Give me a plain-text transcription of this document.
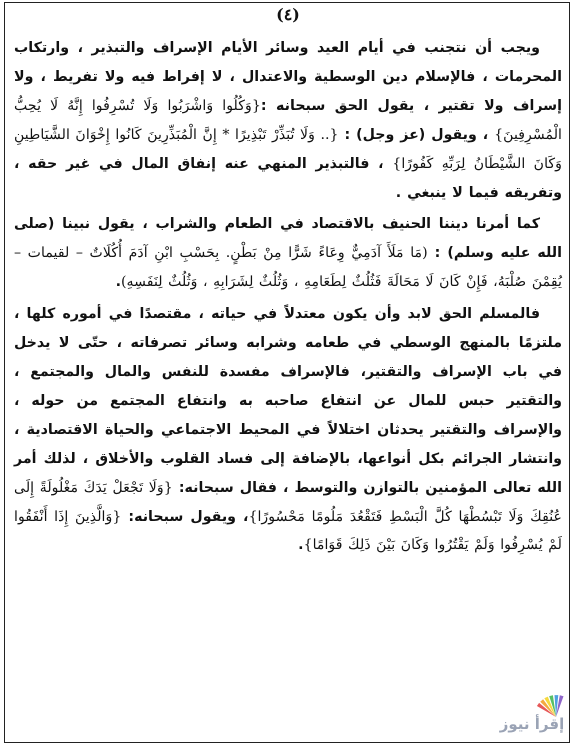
(٤)

ويجب أن نتجنب في أيام العيد وسائر الأيام الإسراف والتبذير ، وارتكاب المحرمات ، فالإسلام دين الوسطية والاعتدال ، لا إفراط فيه ولا تفريط ، ولا إسراف ولا تقتير ، يقول الحق سبحانه :{وَكُلُوا وَاشْرَبُوا وَلَا تُسْرِفُوا إِنَّهُ لَا يُحِبُّ الْمُسْرِفِينَ} ، ويقول (عز وجل) : {.. وَلَا تُبَذِّرْ تَبْذِيرًا * إِنَّ الْمُبَذِّرِينَ كَانُوا إِخْوَانَ الشَّيَاطِينِ وَكَانَ الشَّيْطَانُ لِرَبِّهِ كَفُورًا} ، فالتبذير المنهي عنه إنفاق المال في غير حقه ، وتفريقه فيما لا ينبغي .

كما أمرنا ديننا الحنيف بالاقتصاد في الطعام والشراب ، يقول نبينا (صلى الله عليه وسلم) : (مَا مَلَأَ آدَمِيٌّ وِعَاءً شَرًّا مِنْ بَطْنٍ. بِحَسْبِ ابْنِ آدَمَ أُكُلَاتٌ – لقيمات – يُقِمْنَ صُلْبَهُ، فَإِنْ كَانَ لَا مَحَالَةَ فَثُلُثٌ لِطَعَامِهِ ، وَثُلُثٌ لِشَرَابِهِ ، وَثُلُثٌ لِنَفَسِهِ).

فالمسلم الحق لابد وأن يكون معتدلاً في حياته ، مقتصدًا في أموره كلها ، ملتزمًا بالمنهج الوسطي في طعامه وشرابه وسائر تصرفاته ، حتّى لا يدخل في باب الإسراف والتقتير، فالإسراف مفسدة للنفس والمال والمجتمع ، والتقتير حبس للمال عن انتفاع صاحبه به وانتفاع المجتمع من حوله ، والإسراف والتقتير يحدثان اختلالاً في المحيط الاجتماعي والحياة الاقتصادية ، وانتشار الجرائم بكل أنواعها، بالإضافة إلى فساد القلوب والأخلاق ، لذلك أمر الله تعالى المؤمنين بالتوازن والتوسط ، فقال سبحانه: {وَلَا تَجْعَلْ يَدَكَ مَغْلُولَةً إِلَى عُنُقِكَ وَلَا تَبْسُطْهَا كُلَّ الْبَسْطِ فَتَقْعُدَ مَلُومًا مَحْسُورًا}، ويقول سبحانه: {وَالَّذِينَ إِذَا أَنْفَقُوا لَمْ يُسْرِفُوا وَلَمْ يَقْتُرُوا وَكَانَ بَيْنَ ذَلِكَ قَوَامًا}.

إقرأ نيوز
